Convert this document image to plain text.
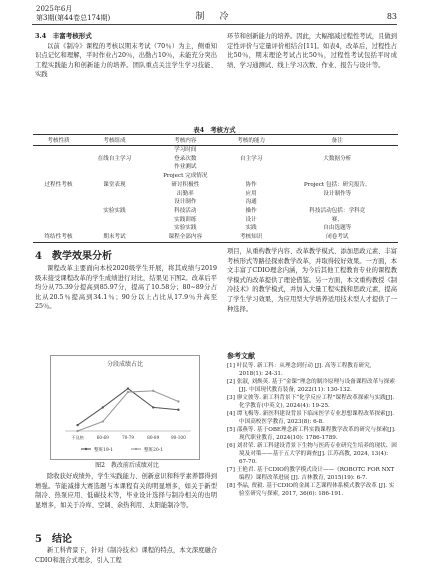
2025年6月
第3期(第44卷总174期)	制　冷	83
3.4　丰富考核形式
以前《制冷》课程的考核以期末考试（70％）为主，侧重知识点记忆和理解，平时作业占20％，出勤占10％，未能充分突出工程实践能力和创新能力的培养。团队重点关注学生学习技能、实践
环节和创新能力的培养。因此，大幅缩减过程性考试，且做到定性评价与定量评价相结合[11]。如表4，改革后，过程性占比50％，期末理论考试占比50％，过程性考试包括平时成绩、学习通测试、线上学习次数、作业、报告与设计等。
表4　考核方式
考核性质	考核组成	考核内容	考核的能力	备注
		学习时间		
	在线自主学习	登录次数	自主学习	大数据分析
		作业测试		
		Project 完成情况		
过程性考核	课堂表现	研讨积极性	协作	Project 包括：研究报告、
		出勤率	应用	设计制作等
		设计制作	沟通	
	实验实践	科技活动	操作	科技活动包括：学科竞
		实践训练	设计	赛、
		实验实践	实践	自由选题等
终结性考核	期末考试	课程全部内容	考核知识	闭卷考试
4　教学效果分析
课程改革主要面向本校2020级学生开展，将其成绩与2019级未接受课程改革的学生成绩进行对比，结果见下图2。改革后平均分从75.39分提高到85.97分，提高了10.58分；80~89分占比从20.5％提高到34.1％；90分以上占比从17.9％升高至25％。
分段成绩占比
不及格	60-69	70-79	80-89	90-100
整班19-1	整班20-1
图2　教改前后成绩对比
除收获好成绩外，学生实践能力、创新意识和科学素养都得到增强。节能减排大赛选题与本课程有关的明显增多，如关于新型制冷、热泵应用、低碳技术等，毕业设计选择与制冷相关的也明显增多，如关于冷库、空调、余热利用、太阳能制冷等。
5　结论
新工科背景下，针对《制冷技术》课程的特点，本文深度融合CDIO和混合式理念，引入工程
项目，从重构教学内容、改革教学模式、添加思政元素、丰富考核形式等路径探索教学改革，并取得较好效果。一方面，本文丰富了CDIO理念内涵，为今后其他工程教育专业的课程教学模式的改革提供了理论借鉴。另一方面，本文重构教授《制冷技术》的教学模式，并加入大量工程实践和思政元素，提高了学生学习效果，为应用型大学培养适用技术型人才提供了一种选择。
参考文献

[1] 叶民等. 新工科：从理念到行动 [J]. 高等工程教育研究, 2018(1): 24-31.

[2] 张淑, 刘焕英. 基于“金课”理念的制冷原理与设备课程改革与探索[J]. 中国现代教育装备, 2022(11): 130-132.

[3] 廖文彼等. 新工科背景下“化学反应工程”课程改革探索与实践[J]. 化学教育(中英文), 2024(4): 19-25.

[4] 谭飞梅等. 新医科建设背景下临床医学专业思想课程改革探索[J]. 中国高校医学教育, 2023(8): 6-8.

[5] 邵燕等. 基于OBE理念新工科实践课程教学改革的研究与探索[J]. 现代职业教育, 2024(10): 1786-1789.

[6] 刘君荣. 新工科建设背景下生物与医药专业研究生培养的现状、困境及对策——基于五大学的调查[J]. 江苏高教, 2024, 13(4): 67-70.

[7] 王艳君. 基于CDIO的教学模式设计——《ROBOTC FOR NXT编程》课程改革进展 [J]. 吉林教育, 2015(19): 6-7.

[8] 李晶, 贾毅. 基于CDIO的金属工艺课程体系模式教学改革 [J]. 实验室研究与探索, 2017, 36(6): 186-191.
